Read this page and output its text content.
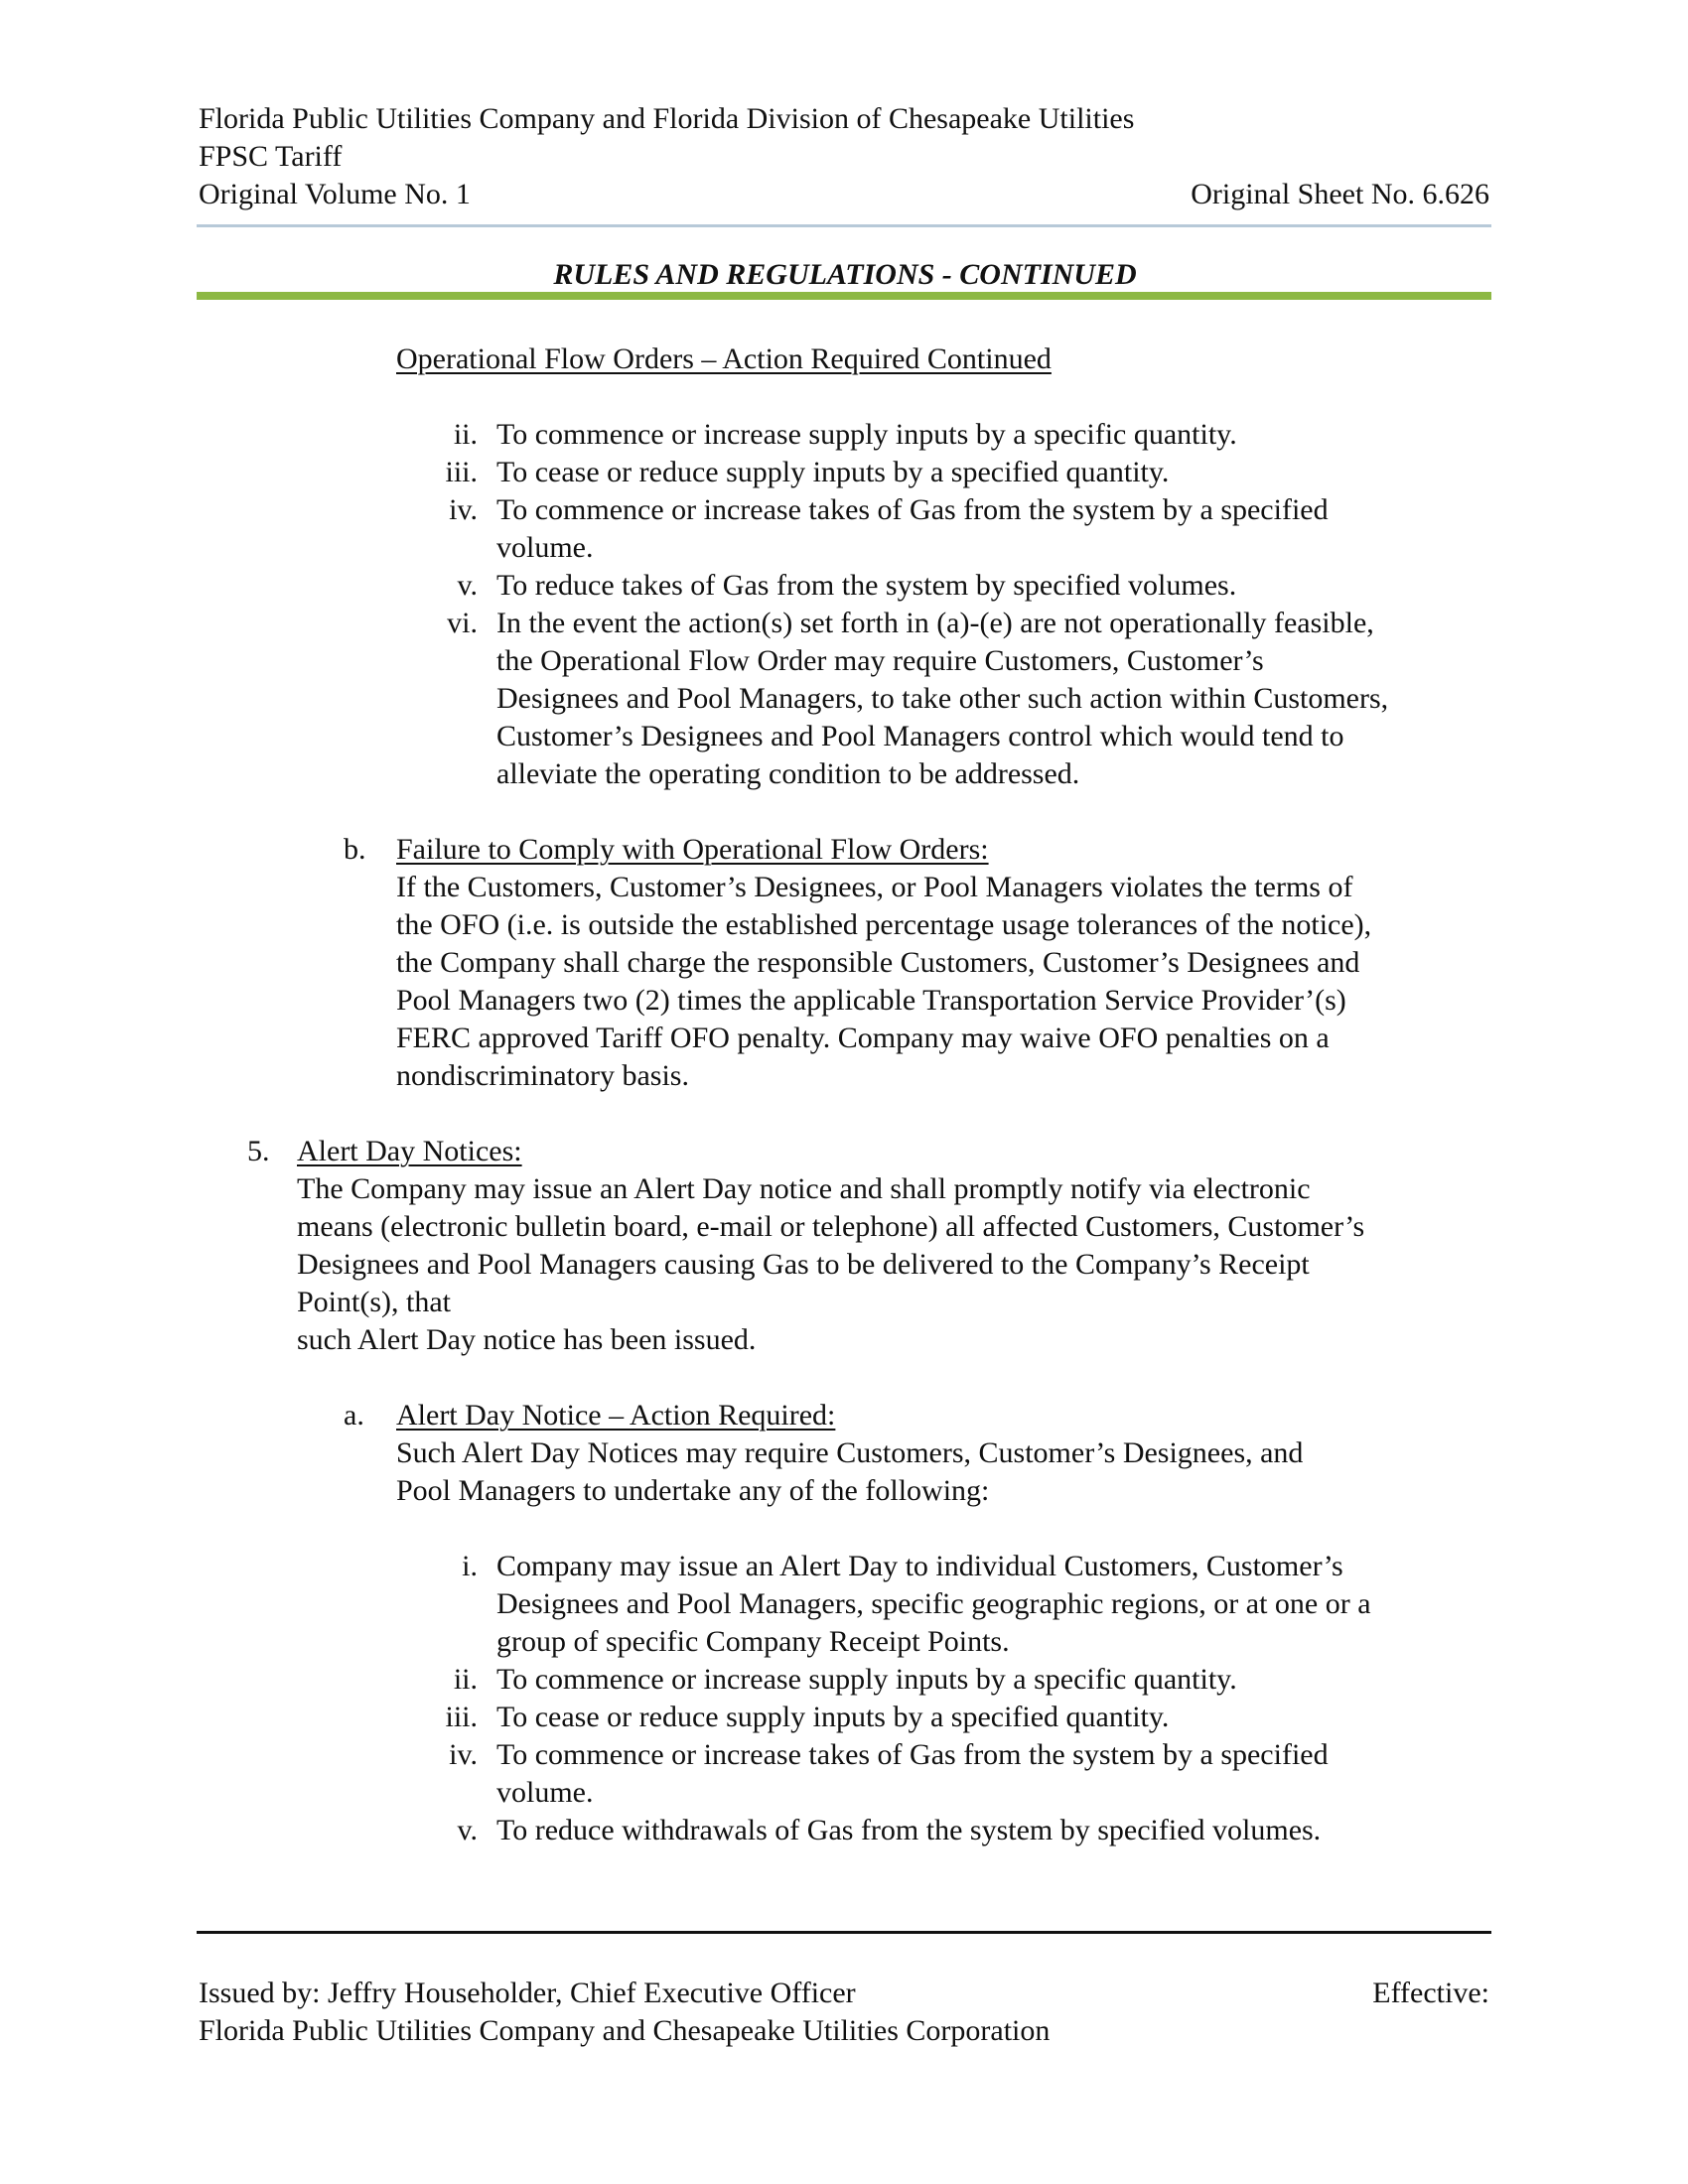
Florida Public Utilities Company and Florida Division of Chesapeake Utilities
FPSC Tariff
Original Volume No. 1	Original Sheet No. 6.626
RULES AND REGULATIONS - CONTINUED
Operational Flow Orders – Action Required Continued
ii. To commence or increase supply inputs by a specific quantity.
iii. To cease or reduce supply inputs by a specified quantity.
iv. To commence or increase takes of Gas from the system by a specified
volume.
v. To reduce takes of Gas from the system by specified volumes.
vi. In the event the action(s) set forth in (a)-(e) are not operationally feasible,
the Operational Flow Order may require Customers, Customer’s
Designees and Pool Managers, to take other such action within Customers,
Customer’s Designees and Pool Managers control which would tend to
alleviate the operating condition to be addressed.
b. Failure to Comply with Operational Flow Orders:
If the Customers, Customer’s Designees, or Pool Managers violates the terms of
the OFO (i.e. is outside the established percentage usage tolerances of the notice),
the Company shall charge the responsible Customers, Customer’s Designees and
Pool Managers two (2) times the applicable Transportation Service Provider’(s)
FERC approved Tariff OFO penalty. Company may waive OFO penalties on a
nondiscriminatory basis.
5. Alert Day Notices:
The Company may issue an Alert Day notice and shall promptly notify via electronic
means (electronic bulletin board, e-mail or telephone) all affected Customers, Customer’s
Designees and Pool Managers causing Gas to be delivered to the Company’s Receipt
Point(s), that
such Alert Day notice has been issued.
a. Alert Day Notice – Action Required:
Such Alert Day Notices may require Customers, Customer’s Designees, and
Pool Managers to undertake any of the following:
i. Company may issue an Alert Day to individual Customers, Customer’s
Designees and Pool Managers, specific geographic regions, or at one or a
group of specific Company Receipt Points.
ii. To commence or increase supply inputs by a specific quantity.
iii. To cease or reduce supply inputs by a specified quantity.
iv. To commence or increase takes of Gas from the system by a specified
volume.
v. To reduce withdrawals of Gas from the system by specified volumes.
Issued by: Jeffry Householder, Chief Executive Officer	Effective:
Florida Public Utilities Company and Chesapeake Utilities Corporation
